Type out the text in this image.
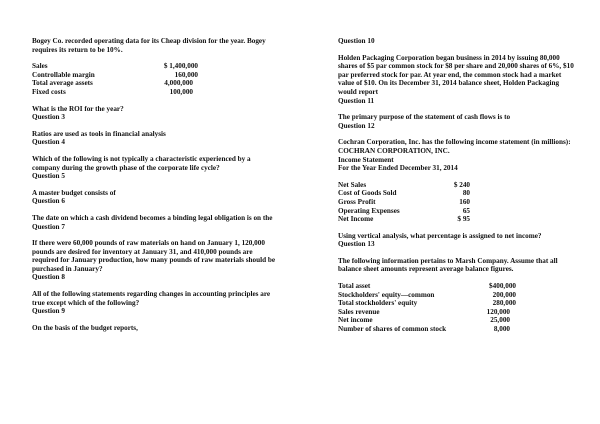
Bogey Co. recorded operating data for its Cheap division for the year. Bogey requires its return to be 10%.

Sales	$ 1,400,000
Controllable margin	160,000
Total average assets	4,000,000
Fixed costs	100,000

What is the ROI for the year?

Question 3

Ratios are used as tools in financial analysis

Question 4

Which of the following is not typically a characteristic experienced by a company during the growth phase of the corporate life cycle?

Question 5

A master budget consists of

Question 6

The date on which a cash dividend becomes a binding legal obligation is on the

Question 7

If there were 60,000 pounds of raw materials on hand on January 1, 120,000 pounds are desired for inventory at January 31, and 410,000 pounds are required for January production, how many pounds of raw materials should be purchased in January?

Question 8

All of the following statements regarding changes in accounting principles are true except which of the following?

Question 9

On the basis of the budget reports,

Question 10

Holden Packaging Corporation began business in 2014 by issuing 80,000 shares of $5 par common stock for $8 per share and 20,000 shares of 6%, $10 par preferred stock for par. At year end, the common stock had a market value of $10. On its December 31, 2014 balance sheet, Holden Packaging would report

Question 11

The primary purpose of the statement of cash flows is to

Question 12

Cochran Corporation, Inc. has the following income statement (in millions):

COCHRAN CORPORATION, INC.

Income Statement

For the Year Ended December 31, 2014

Net Sales	$ 240
Cost of Goods Sold	80
Gross Profit	160
Operating Expenses	65
Net Income	$ 95

Using vertical analysis, what percentage is assigned to net income?

Question 13

The following information pertains to Marsh Company. Assume that all balance sheet amounts represent average balance figures.

Total asset	$400,000
Stockholders' equity—common	200,000
Total stockholders' equity	280,000
Sales revenue	120,000
Net income	25,000
Number of shares of common stock	8,000
